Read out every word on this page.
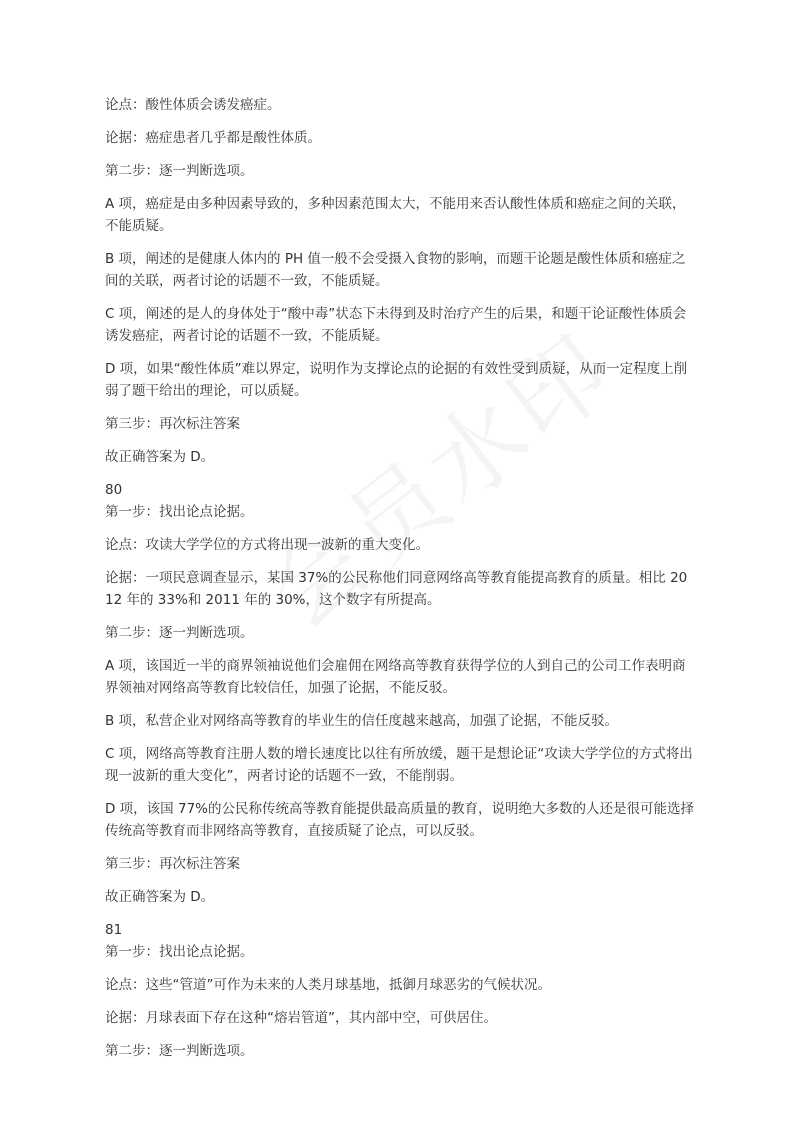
论点：酸性体质会诱发癌症。

论据：癌症患者几乎都是酸性体质。

第二步：逐一判断选项。

A 项，癌症是由多种因素导致的，多种因素范围太大，不能用来否认酸性体质和癌症之间的关联，不能质疑。

B 项，阐述的是健康人体内的 PH 值一般不会受摄入食物的影响，而题干论题是酸性体质和癌症之间的关联，两者讨论的话题不一致，不能质疑。

C 项，阐述的是人的身体处于“酸中毒”状态下未得到及时治疗产生的后果，和题干论证酸性体质会诱发癌症，两者讨论的话题不一致，不能质疑。

D 项，如果“酸性体质”难以界定，说明作为支撑论点的论据的有效性受到质疑，从而一定程度上削弱了题干给出的理论，可以质疑。

第三步：再次标注答案

故正确答案为 D。

80

第一步：找出论点论据。

论点：攻读大学学位的方式将出现一波新的重大变化。

论据：一项民意调查显示，某国 37%的公民称他们同意网络高等教育能提高教育的质量。相比 2012 年的 33%和 2011 年的 30%，这个数字有所提高。

第二步：逐一判断选项。

A 项，该国近一半的商界领袖说他们会雇佣在网络高等教育获得学位的人到自己的公司工作表明商界领袖对网络高等教育比较信任，加强了论据，不能反驳。

B 项，私营企业对网络高等教育的毕业生的信任度越来越高，加强了论据，不能反驳。

C 项，网络高等教育注册人数的增长速度比以往有所放缓，题干是想论证“攻读大学学位的方式将出现一波新的重大变化”，两者讨论的话题不一致，不能削弱。

D 项，该国 77%的公民称传统高等教育能提供最高质量的教育，说明绝大多数的人还是很可能选择传统高等教育而非网络高等教育，直接质疑了论点，可以反驳。

第三步：再次标注答案

故正确答案为 D。

81

第一步：找出论点论据。

论点：这些“管道”可作为未来的人类月球基地，抵御月球恶劣的气候状况。

论据：月球表面下存在这种“熔岩管道”，其内部中空，可供居住。

第二步：逐一判断选项。
